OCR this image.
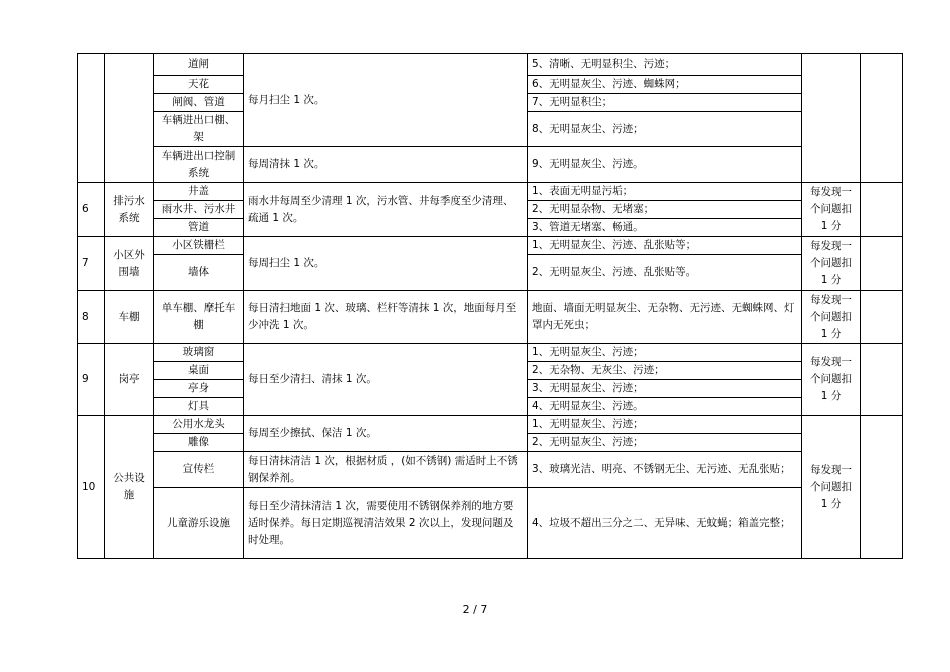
		道闸	每月扫尘 1 次。	5、清晰、无明显积尘、污迹；		
		天花		6、无明显灰尘、污迹、蜘蛛网；		
		闸阀、管道		7、无明显积尘；		
		车辆进出口棚、架		8、无明显灰尘、污迹；		

		车辆进出口控制系统	每周清抹 1 次。	9、无明显灰尘、污迹。		
6	排污水系统	井盖	雨水井每周至少清理 1 次，污水管、井每季度至少清理、疏通 1 次。	1、表面无明显污垢；	每发现一个问题扣 1 分	
		雨水井、污水井		2、无明显杂物、无堵塞；		
		管道		3、管道无堵塞、畅通。		
7	小区外围墙	小区铁栅栏	每周扫尘 1 次。	1、无明显灰尘、污迹、乱张贴等；	每发现一个问题扣 1 分	
		墙体		2、无明显灰尘、污迹、乱张贴等。		
8	车棚	单车棚、摩托车棚	每日清扫地面 1 次、玻璃、栏杆等清抹 1 次，地面每月至少冲洗 1 次。	地面、墙面无明显灰尘、无杂物、无污迹、无蜘蛛网、灯罩内无死虫；	每发现一个问题扣 1 分	
9	岗亭	玻璃窗	每日至少清扫、清抹 1 次。	1、无明显灰尘、污迹；	每发现一个问题扣 1 分	
		桌面		2、无杂物、无灰尘、污迹；		
		亭身		3、无明显灰尘、污迹；		
		灯具		4、无明显灰尘、污迹。		
10	公共设施	公用水龙头	每周至少擦拭、保洁 1 次。	1、无明显灰尘、污迹；	每发现一个问题扣 1 分	
		雕像		2、无明显灰尘、污迹；		
		宣传栏	每日清抹清洁 1 次，根据材质 ，(如不锈钢) 需适时上不锈钢保养剂。	3、玻璃光洁、明亮、不锈钢无尘、无污迹、无乱张贴；		
		儿童游乐设施	每日至少清抹清洁 1 次，需要使用不锈钢保养剂的地方要适时保养。每日定期巡视清洁效果 2 次以上，发现问题及时处理。	4、垃圾不超出三分之二、无异味、无蚊蝇；箱盖完整；		
2 / 7
